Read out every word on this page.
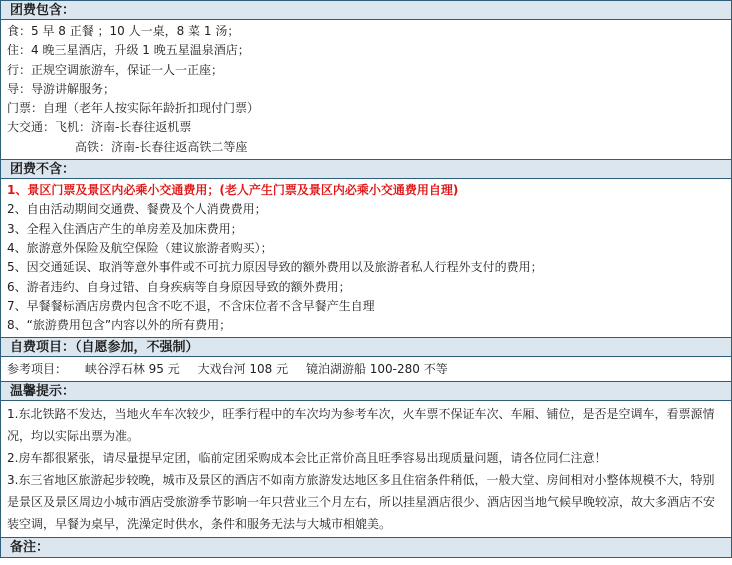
团费包含：
食：5 早 8 正餐 ；10 人一桌，8 菜 1 汤；
住：4 晚三星酒店，升级 1 晚五星温泉酒店；
行：正规空调旅游车，保证一人一正座；
导：导游讲解服务；
门票：自理（老年人按实际年龄折扣现付门票）
大交通：飞机：济南-长春往返机票
高铁：济南-长春往返高铁二等座
团费不含：
1、景区门票及景区内必乘小交通费用；(老人产生门票及景区内必乘小交通费用自理)
2、自由活动期间交通费、餐费及个人消费费用；
3、全程入住酒店产生的单房差及加床费用；
4、旅游意外保险及航空保险（建议旅游者购买）；
5、因交通延误、取消等意外事件或不可抗力原因导致的额外费用以及旅游者私人行程外支付的费用；
6、游者违约、自身过错、自身疾病等自身原因导致的额外费用；
7、早餐餐标酒店房费内包含不吃不退，不含床位者不含早餐产生自理
8、“旅游费用包含”内容以外的所有费用；
自费项目：（自愿参加，不强制）
参考项目： 峡谷浮石林 95 元 大戏台河 108 元 镜泊湖游船 100-280 不等
温馨提示：
1.东北铁路不发达，当地火车车次较少，旺季行程中的车次均为参考车次，火车票不保证车次、车厢、铺位，是否是空调车，看票源情况，均以实际出票为准。
2.房车都很紧张，请尽量提早定团，临前定团采购成本会比正常价高且旺季容易出现质量问题，请各位同仁注意！
3.东三省地区旅游起步较晚，城市及景区的酒店不如南方旅游发达地区多且住宿条件稍低，一般大堂、房间相对小整体规模不大，特别是景区及景区周边小城市酒店受旅游季节影响一年只营业三个月左右，所以挂星酒店很少、酒店因当地气候早晚较凉，故大多酒店不安装空调，早餐为桌早，洗澡定时供水，条件和服务无法与大城市相媲美。
备注：
